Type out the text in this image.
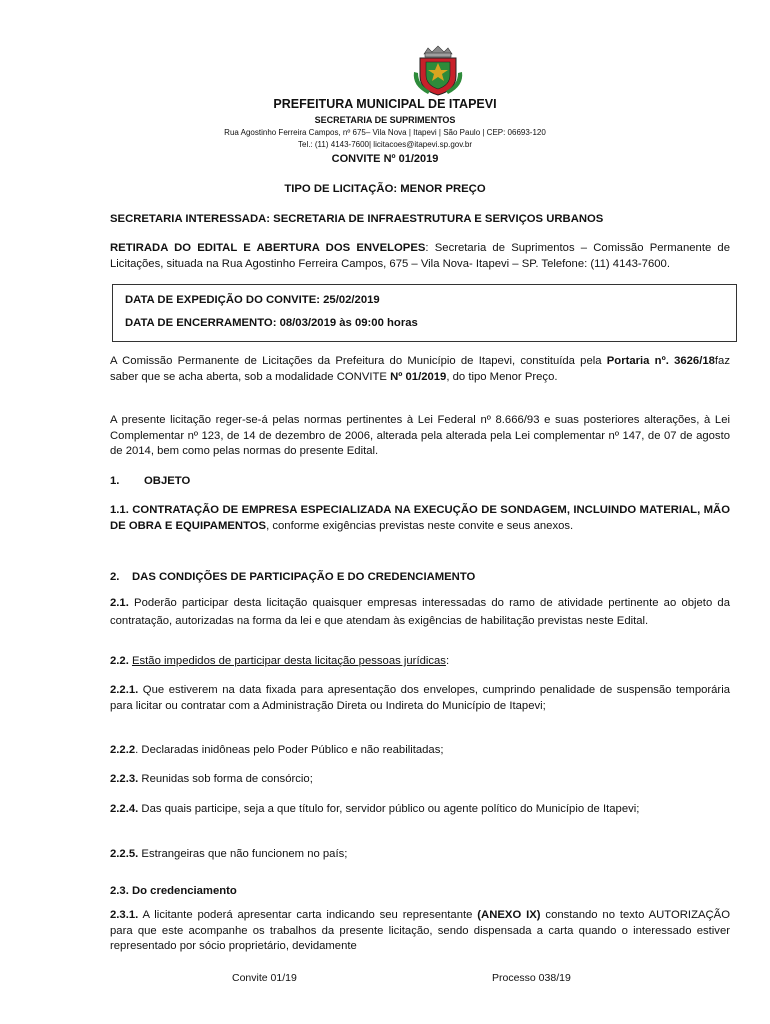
PREFEITURA MUNICIPAL DE ITAPEVI
SECRETARIA DE SUPRIMENTOS
Rua Agostinho Ferreira Campos, nº 675– Vila Nova | Itapevi | São Paulo | CEP: 06693-120
Tel.: (11) 4143-7600| licitacoes@itapevi.sp.gov.br
CONVITE Nº 01/2019
TIPO DE LICITAÇÃO: MENOR PREÇO
SECRETARIA INTERESSADA: SECRETARIA DE INFRAESTRUTURA E SERVIÇOS URBANOS
RETIRADA DO EDITAL E ABERTURA DOS ENVELOPES: Secretaria de Suprimentos – Comissão Permanente de Licitações, situada na Rua Agostinho Ferreira Campos, 675 – Vila Nova- Itapevi – SP. Telefone: (11) 4143-7600.
DATA DE EXPEDIÇÃO DO CONVITE: 25/02/2019
DATA DE ENCERRAMENTO: 08/03/2019 às 09:00 horas
A Comissão Permanente de Licitações da Prefeitura do Município de Itapevi, constituída pela Portaria nº. 3626/18faz saber que se acha aberta, sob a modalidade CONVITE Nº 01/2019, do tipo Menor Preço.
A presente licitação reger-se-á pelas normas pertinentes à Lei Federal nº 8.666/93 e suas posteriores alterações, à Lei Complementar nº 123, de 14 de dezembro de 2006, alterada pela alterada pela Lei complementar nº 147, de 07 de agosto de 2014, bem como pelas normas do presente Edital.
1. OBJETO
1.1. CONTRATAÇÃO DE EMPRESA ESPECIALIZADA NA EXECUÇÃO DE SONDAGEM, INCLUINDO MATERIAL, MÃO DE OBRA E EQUIPAMENTOS, conforme exigências previstas neste convite e seus anexos.
2. DAS CONDIÇÕES DE PARTICIPAÇÃO E DO CREDENCIAMENTO
2.1. Poderão participar desta licitação quaisquer empresas interessadas do ramo de atividade pertinente ao objeto da contratação, autorizadas na forma da lei e que atendam às exigências de habilitação previstas neste Edital.
2.2. Estão impedidos de participar desta licitação pessoas jurídicas:
2.2.1. Que estiverem na data fixada para apresentação dos envelopes, cumprindo penalidade de suspensão temporária para licitar ou contratar com a Administração Direta ou Indireta do Município de Itapevi;
2.2.2. Declaradas inidôneas pelo Poder Público e não reabilitadas;
2.2.3. Reunidas sob forma de consórcio;
2.2.4. Das quais participe, seja a que título for, servidor público ou agente político do Município de Itapevi;
2.2.5. Estrangeiras que não funcionem no país;
2.3. Do credenciamento
2.3.1. A licitante poderá apresentar carta indicando seu representante (ANEXO IX) constando no texto AUTORIZAÇÃO para que este acompanhe os trabalhos da presente licitação, sendo dispensada a carta quando o interessado estiver representado por sócio proprietário, devidamente
Convite 01/19	Processo 038/19
